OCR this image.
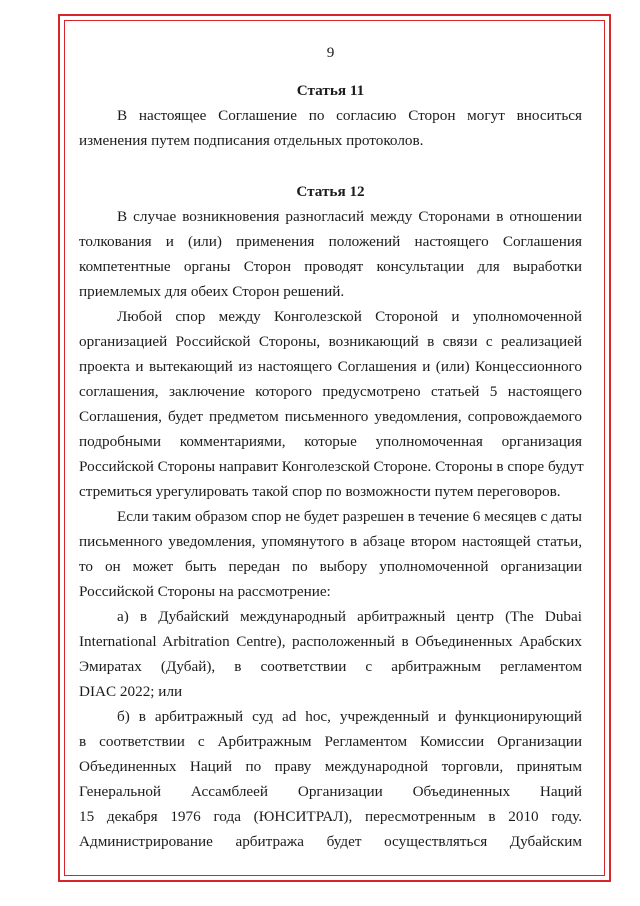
9
Статья 11
В настоящее Соглашение по согласию Сторон могут вноситься
изменения путем подписания отдельных протоколов.
Статья 12
В случае возникновения разногласий между Сторонами в отношении
толкования и (или) применения положений настоящего Соглашения
компетентные органы Сторон проводят консультации для выработки
приемлемых для обеих Сторон решений.
Любой спор между Конголезской Стороной и уполномоченной
организацией Российской Стороны, возникающий в связи с реализацией
проекта и вытекающий из настоящего Соглашения и (или) Концессионного
соглашения, заключение которого предусмотрено статьей 5 настоящего
Соглашения, будет предметом письменного уведомления, сопровождаемого
подробными комментариями, которые уполномоченная организация
Российской Стороны направит Конголезской Стороне. Стороны в споре будут
стремиться урегулировать такой спор по возможности путем переговоров.
Если таким образом спор не будет разрешен в течение 6 месяцев с даты
письменного уведомления, упомянутого в абзаце втором настоящей статьи,
то он может быть передан по выбору уполномоченной организации
Российской Стороны на рассмотрение:
а) в Дубайский международный арбитражный центр (The Dubai
International Arbitration Centre), расположенный в Объединенных Арабских
Эмиратах (Дубай), в соответствии с арбитражным регламентом
DIAC 2022; или
б) в арбитражный суд ad hoc, учрежденный и функционирующий
в соответствии с Арбитражным Регламентом Комиссии Организации
Объединенных Наций по праву международной торговли, принятым
Генеральной Ассамблеей Организации Объединенных Наций
15 декабря 1976 года (ЮНСИТРАЛ), пересмотренным в 2010 году.
Администрирование арбитража будет осуществляться Дубайским
